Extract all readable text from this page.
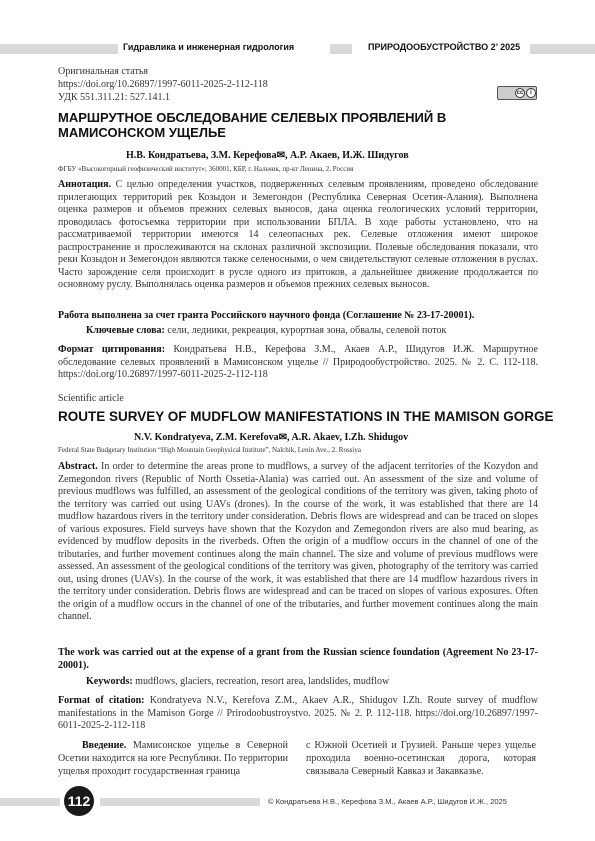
Гидравлика и инженерная гидрология	ПРИРОДООБУСТРОЙСТВО 2’ 2025
Оригинальная статья
https://doi.org/10.26897/1997-6011-2025-2-112-118
УДК 551.311.21: 527.141.1	cc	i
МАРШРУТНОЕ ОБСЛЕДОВАНИЕ СЕЛЕВЫХ ПРОЯВЛЕНИЙ В МАМИСОНСКОМ УЩЕЛЬЕ
Н.В. Кондратьева, З.М. Керефова✉, А.Р. Акаев, И.Ж. Шидугов
ФГБУ «Высокогорный геофизический институт»; 360001, КБР, г. Нальчик, пр-кт Ленина, 2, Россия
Аннотация. С целью определения участков, подверженных селевым проявлениям, проведено обследование прилегающих территорий рек Козыдон и Земегондон (Республика Северная Осетия-Алания). Выполнена оценка размеров и объемов прежних селевых выносов, дана оценка геологических условий территории, проводилась фотосъемка территории при использовании БПЛА. В ходе работы установлено, что на рассматриваемой территории имеются 14 селеопасных рек. Селевые отложения имеют широкое распространение и прослеживаются на склонах различной экспозиции. Полевые обследования показали, что реки Козыдон и Земегондон являются также селеносными, о чем свидетельствуют селевые отложения в руслах. Часто зарождение селя происходит в русле одного из притоков, а дальнейшее движение продолжается по основному руслу. Выполнялась оценка размеров и объемов прежних селевых выносов.
Работа выполнена за счет гранта Российского научного фонда (Соглашение № 23-17-20001).
Ключевые слова: сели, ледники, рекреация, курортная зона, обвалы, селевой поток
Формат цитирования: Кондратьева Н.В., Керефова З.М., Акаев А.Р., Шидугов И.Ж. Маршрутное обследование селевых проявлений в Мамисонском ущелье // Природообустройство. 2025. № 2. С. 112-118. https://doi.org/10.26897/1997-6011-2025-2-112-118
Scientific article
ROUTE SURVEY OF MUDFLOW MANIFESTATIONS IN THE MAMISON GORGE
N.V. Kondratyeva, Z.M. Kerefova✉, A.R. Akaev, I.Zh. Shidugov
Federal State Budgetary Institution “High Mountain Geophysical Institute”, Nalchik, Lenin Ave., 2. Rossiya
Abstract. In order to determine the areas prone to mudflows, a survey of the adjacent territories of the Kozydon and Zemegondon rivers (Republic of North Ossetia-Alania) was carried out. An assessment of the size and volume of previous mudflows was fulfilled, an assessment of the geological conditions of the territory was given, taking photo of the territory was carried out using UAVs (drones). In the course of the work, it was established that there are 14 mudflow hazardous rivers in the territory under consideration. Debris flows are widespread and can be traced on slopes of various exposures. Field surveys have shown that the Kozydon and Zemegondon rivers are also mud bearing, as evidenced by mudflow deposits in the riverbeds. Often the origin of a mudflow occurs in the channel of one of the tributaries, and further movement continues along the main channel. The size and volume of previous mudflows were assessed. An assessment of the geological conditions of the territory was given, photography of the territory was carried out, using drones (UAVs). In the course of the work, it was established that there are 14 mudflow hazardous rivers in the territory under consideration. Debris flows are widespread and can be traced on slopes of various exposures. Often the origin of a mudflow occurs in the channel of one of the tributaries, and further movement continues along the main channel.
The work was carried out at the expense of a grant from the Russian science foundation (Agreement No 23-17-20001).
Keywords: mudflows, glaciers, recreation, resort area, landslides, mudflow
Format of citation: Kondratyeva N.V., Kerefova Z.M., Akaev A.R., Shidugov I.Zh. Route survey of mudflow manifestations in the Mamison Gorge // Prirodoobustroystvo. 2025. № 2. P. 112-118. https://doi.org/10.26897/1997-6011-2025-2-112-118
Введение. Мамисонское ущелье в Северной Осетии находится на юге Республики. По территории ущелья проходит государственная граница
с Южной Осетией и Грузией. Раньше через ущелье проходила военно-осетинская дорога, которая связывала Северный Кавказ и Закавказье.
112	© Кондратьева Н.В., Керефова З.М., Акаев А.Р., Шидугов И.Ж., 2025
